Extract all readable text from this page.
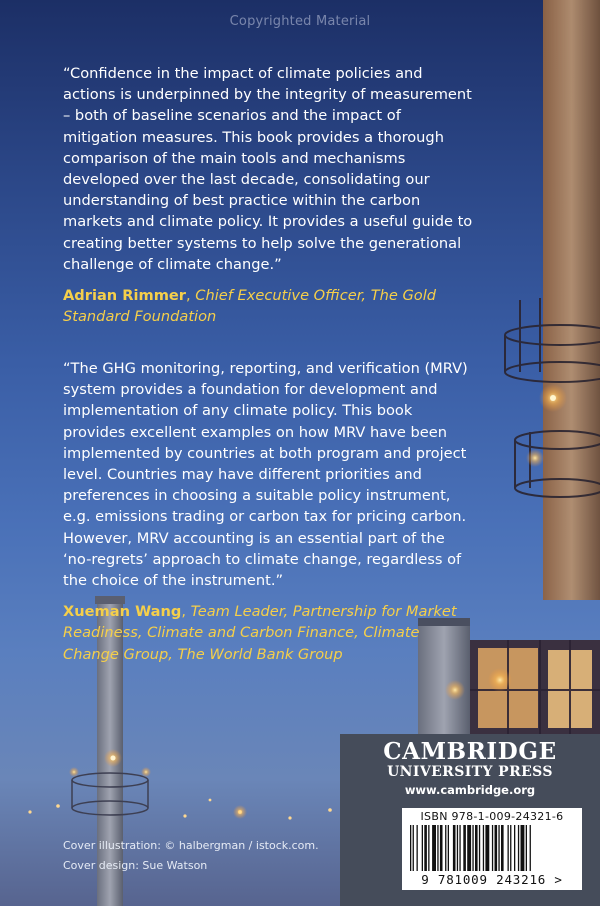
Copyrighted Material

“Confidence in the impact of climate policies and actions is underpinned by the integrity of measurement – both of baseline scenarios and the impact of mitigation measures. This book provides a thorough comparison of the main tools and mechanisms developed over the last decade, consolidating our understanding of best practice within the carbon markets and climate policy. It provides a useful guide to creating better systems to help solve the generational challenge of climate change.”

Adrian Rimmer, Chief Executive Officer, The Gold Standard Foundation

“The GHG monitoring, reporting, and verification (MRV) system provides a foundation for development and implementation of any climate policy. This book provides excellent examples on how MRV have been implemented by countries at both program and project level. Countries may have different priorities and preferences in choosing a suitable policy instrument, e.g. emissions trading or carbon tax for pricing carbon. However, MRV accounting is an essential part of the ‘no-regrets’ approach to climate change, regardless of the choice of the instrument.”

Xueman Wang, Team Leader, Partnership for Market Readiness, Climate and Carbon Finance, Climate Change Group, The World Bank Group

Cover illustration: © halbergman / istock.com.
Cover design: Sue Watson
CAMBRIDGE
UNIVERSITY PRESS
www.cambridge.org
ISBN 978-1-009-24321-6
9 781009 243216 >
